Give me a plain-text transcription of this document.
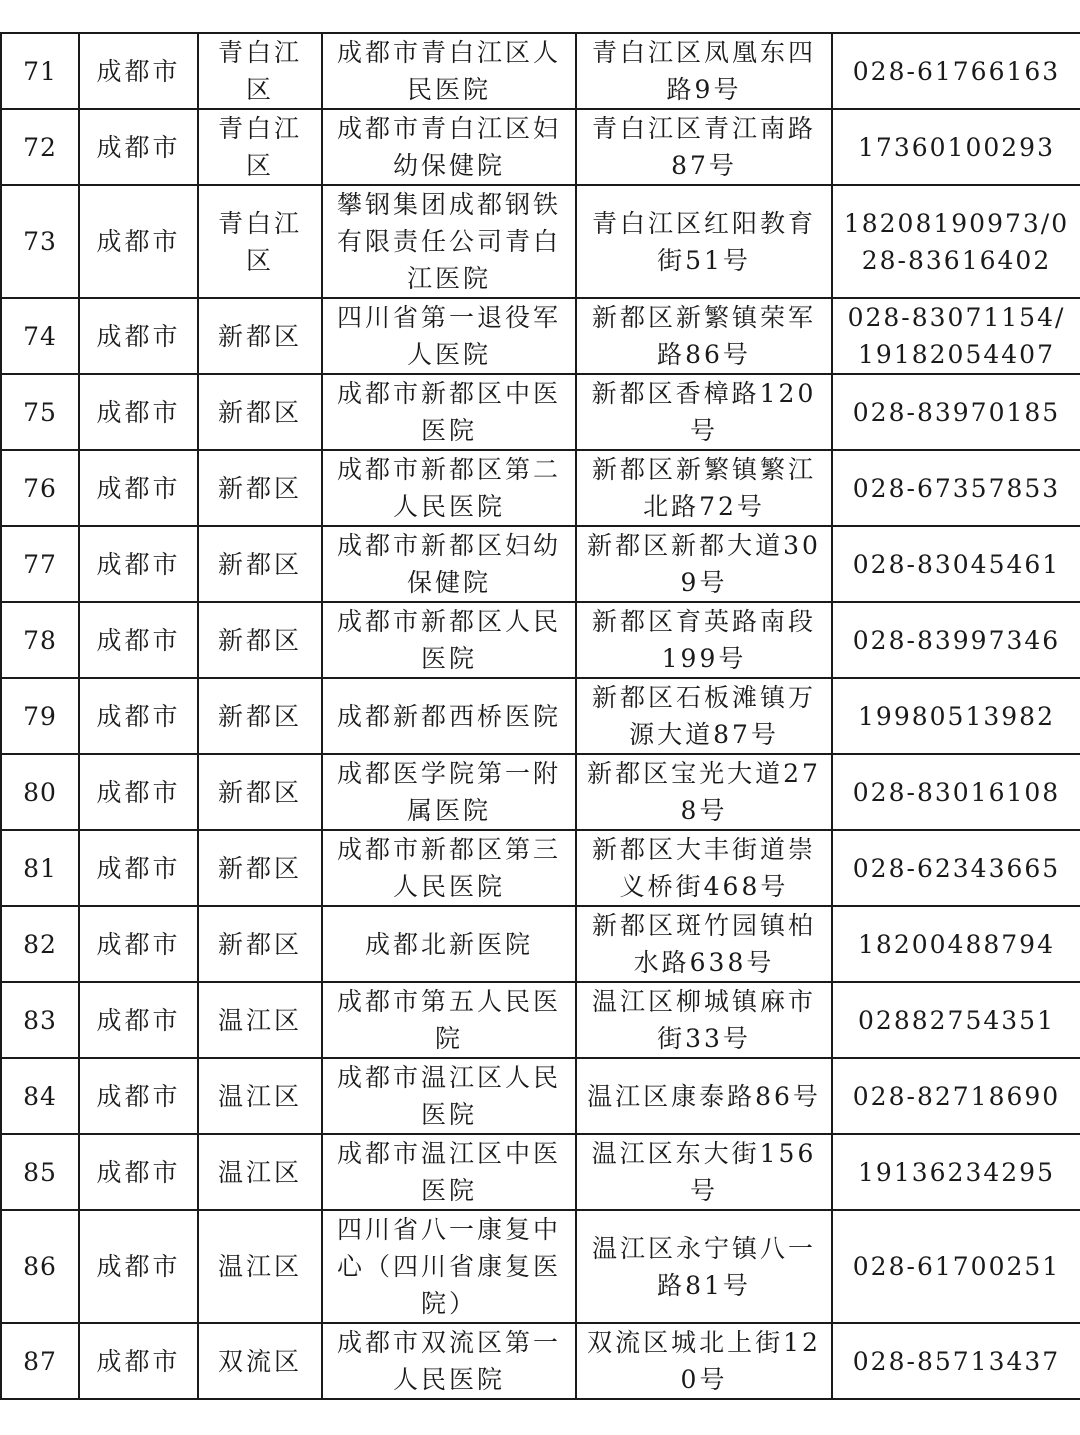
71	成都市	青白江区	成都市青白江区人民医院	青白江区凤凰东四路9号	028-61766163
72	成都市	青白江区	成都市青白江区妇幼保健院	青白江区青江南路87号	17360100293
73	成都市	青白江区	攀钢集团成都钢铁有限责任公司青白江医院	青白江区红阳教育街51号	18208190973/028-83616402
74	成都市	新都区	四川省第一退役军人医院	新都区新繁镇荣军路86号	028-83071154/19182054407
75	成都市	新都区	成都市新都区中医医院	新都区香樟路120号	028-83970185
76	成都市	新都区	成都市新都区第二人民医院	新都区新繁镇繁江北路72号	028-67357853
77	成都市	新都区	成都市新都区妇幼保健院	新都区新都大道309号	028-83045461
78	成都市	新都区	成都市新都区人民医院	新都区育英路南段199号	028-83997346
79	成都市	新都区	成都新都西桥医院	新都区石板滩镇万源大道87号	19980513982
80	成都市	新都区	成都医学院第一附属医院	新都区宝光大道278号	028-83016108
81	成都市	新都区	成都市新都区第三人民医院	新都区大丰街道崇义桥街468号	028-62343665
82	成都市	新都区	成都北新医院	新都区斑竹园镇柏水路638号	18200488794
83	成都市	温江区	成都市第五人民医院	温江区柳城镇麻市街33号	02882754351
84	成都市	温江区	成都市温江区人民医院	温江区康泰路86号	028-82718690
85	成都市	温江区	成都市温江区中医医院	温江区东大街156号	19136234295
86	成都市	温江区	四川省八一康复中心（四川省康复医院）	温江区永宁镇八一路81号	028-61700251
87	成都市	双流区	成都市双流区第一人民医院	双流区城北上街120号	028-85713437
